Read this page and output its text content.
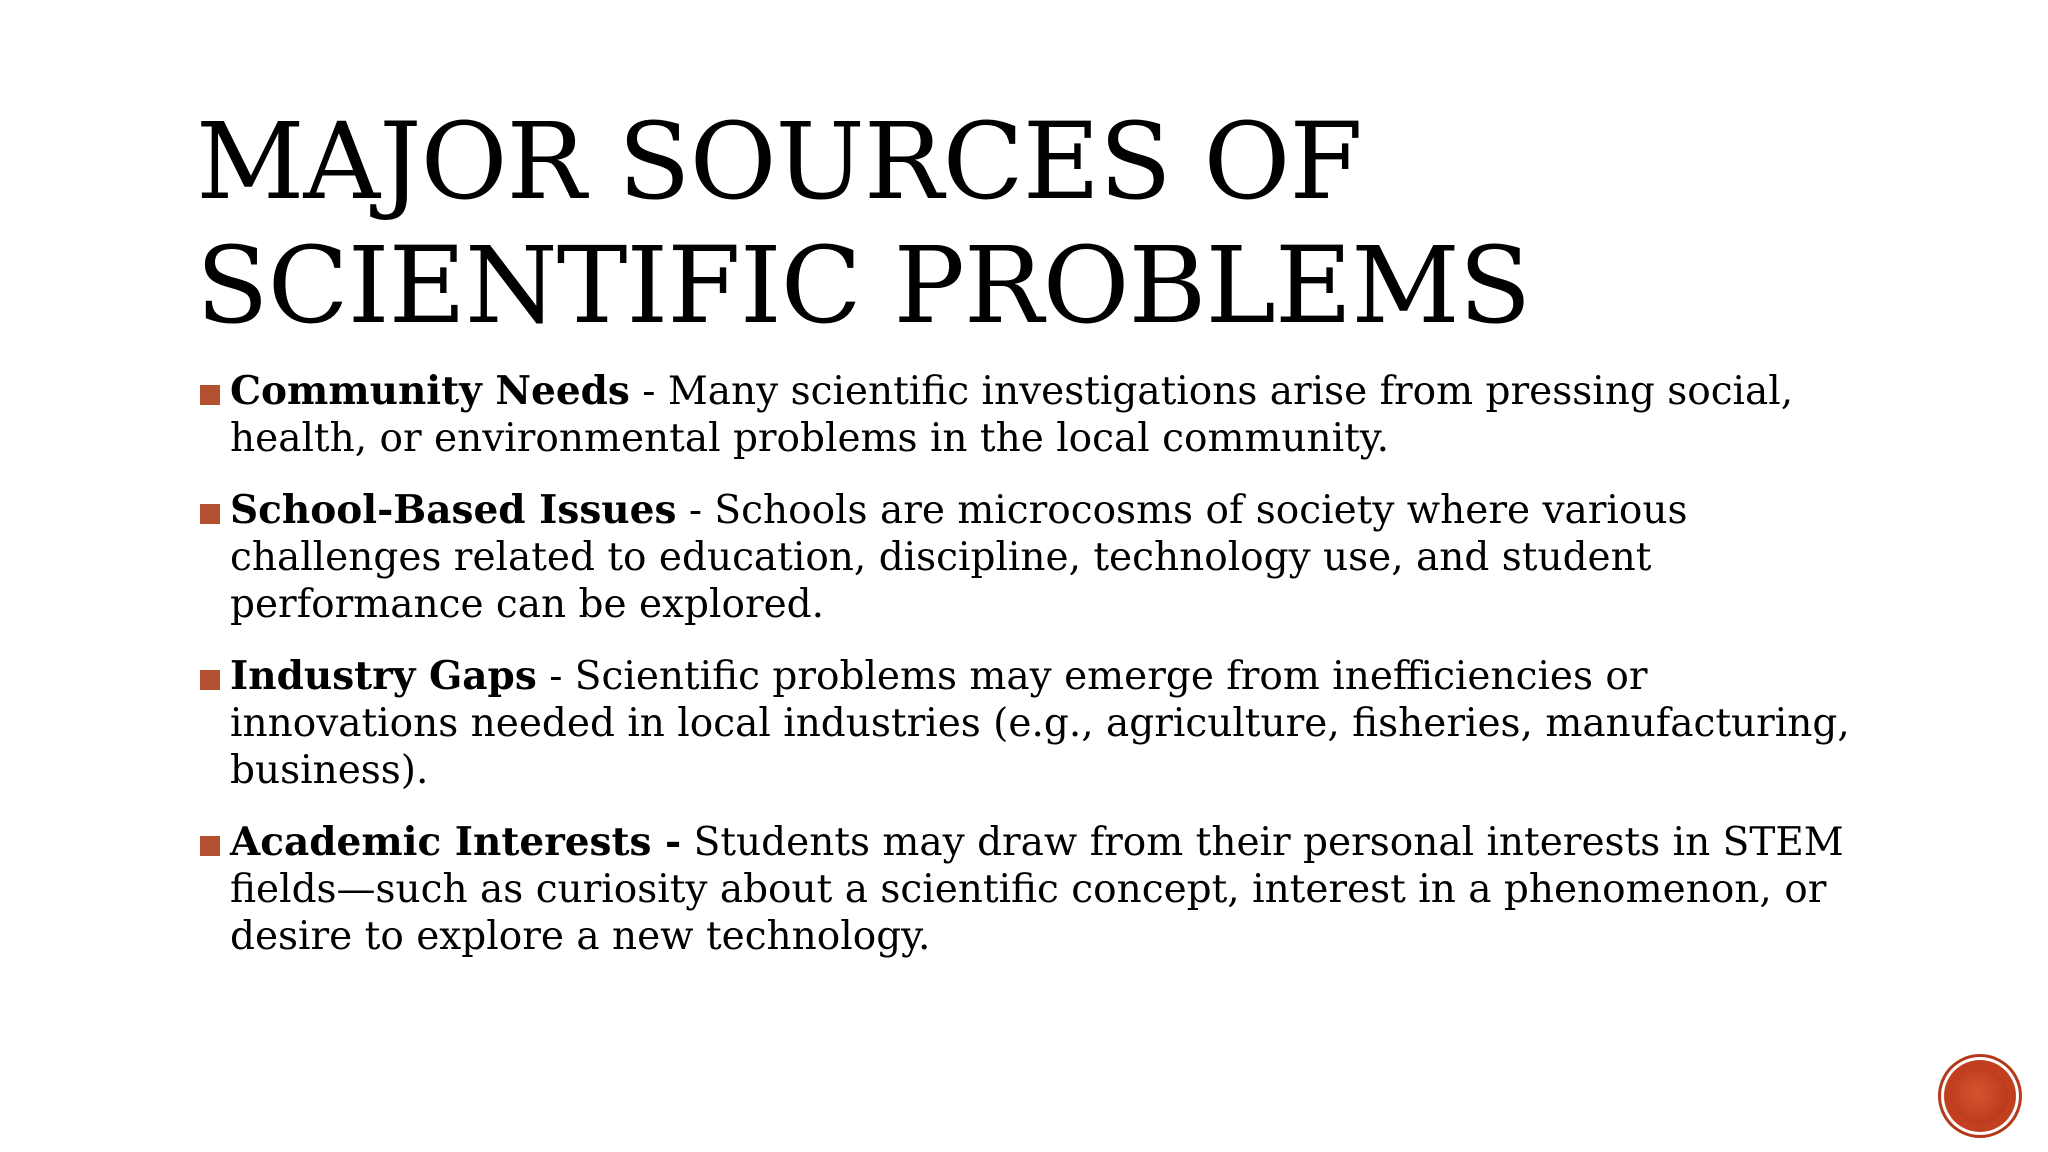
MAJOR SOURCES OF
SCIENTIFIC PROBLEMS
Community Needs - Many scientific investigations arise from pressing social, health, or environmental problems in the local community.
School-Based Issues - Schools are microcosms of society where various challenges related to education, discipline, technology use, and student performance can be explored.
Industry Gaps - Scientific problems may emerge from inefficiencies or innovations needed in local industries (e.g., agriculture, fisheries, manufacturing, business).
Academic Interests - Students may draw from their personal interests in STEM fields—such as curiosity about a scientific concept, interest in a phenomenon, or desire to explore a new technology.
